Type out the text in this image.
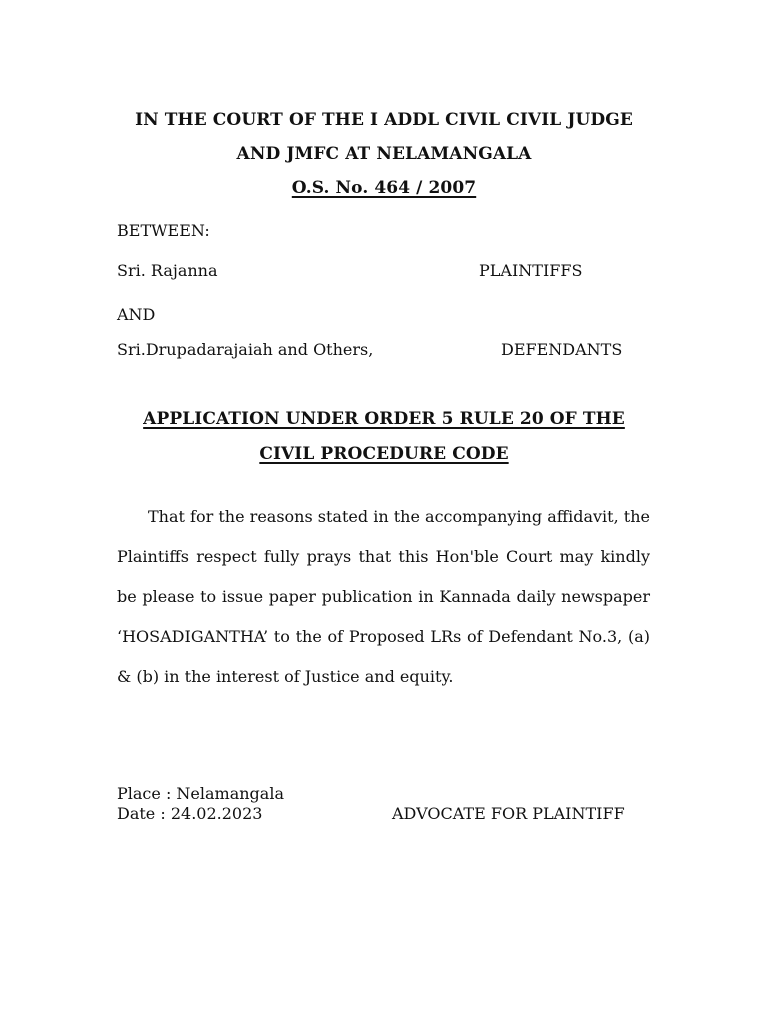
IN THE COURT OF THE I ADDL CIVIL CIVIL JUDGE
AND JMFC AT NELAMANGALA
O.S. No. 464 / 2007
BETWEEN:
Sri. Rajanna	PLAINTIFFS
AND
Sri.Drupadarajaiah and Others,	DEFENDANTS
APPLICATION UNDER ORDER 5 RULE 20 OF THE
CIVIL PROCEDURE CODE
That for the reasons stated in the accompanying affidavit, the
Plaintiffs respect fully prays that this Hon'ble Court may kindly
be please to issue paper publication in Kannada daily newspaper
‘HOSADIGANTHA’ to the of Proposed LRs of Defendant No.3, (a)
& (b) in the interest of Justice and equity.
Place : Nelamangala
Date : 24.02.2023	ADVOCATE FOR PLAINTIFF
